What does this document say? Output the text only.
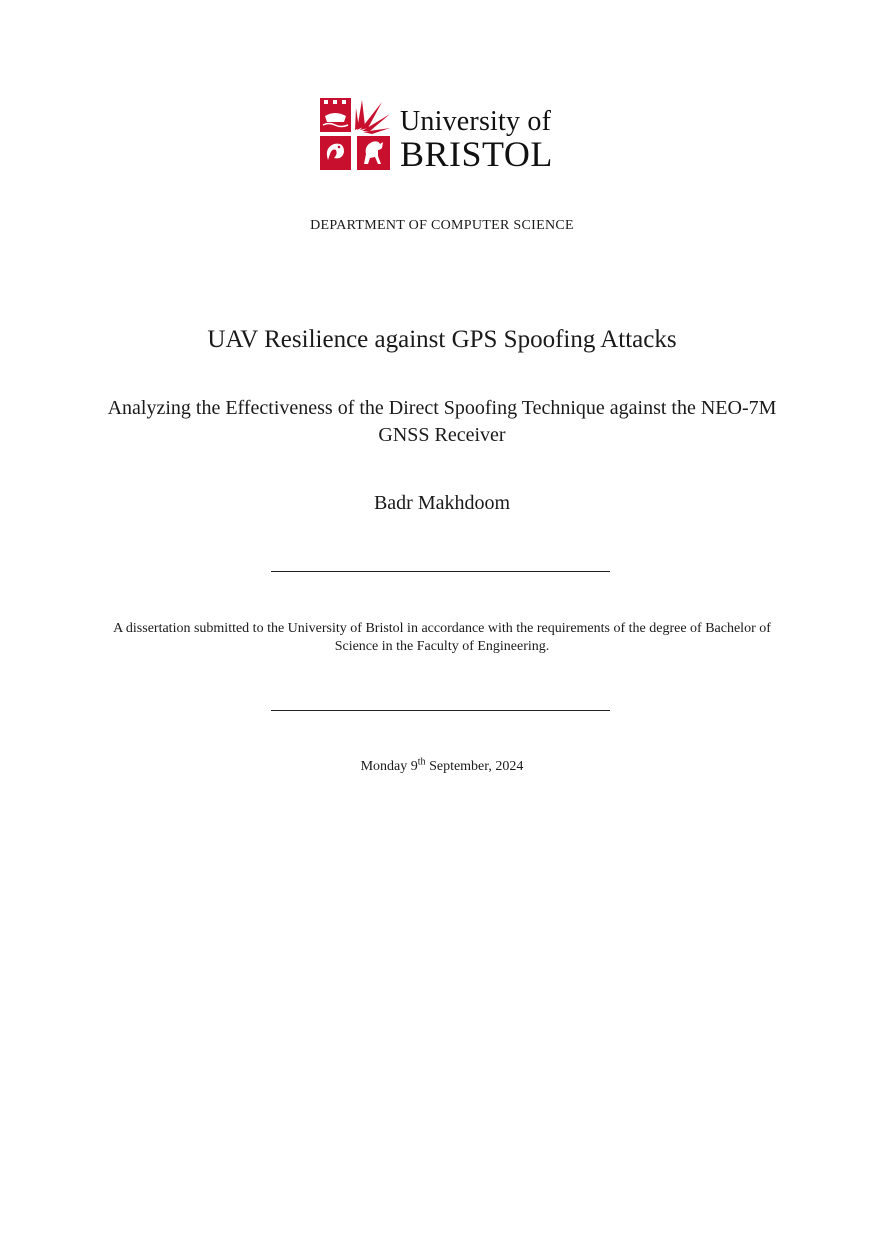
University of
BRISTOL
DEPARTMENT OF COMPUTER SCIENCE
UAV Resilience against GPS Spoofing Attacks
Analyzing the Effectiveness of the Direct Spoofing Technique against the NEO-7M GNSS Receiver
Badr Makhdoom
A dissertation submitted to the University of Bristol in accordance with the requirements of the degree of Bachelor of Science in the Faculty of Engineering.
Monday 9th September, 2024
